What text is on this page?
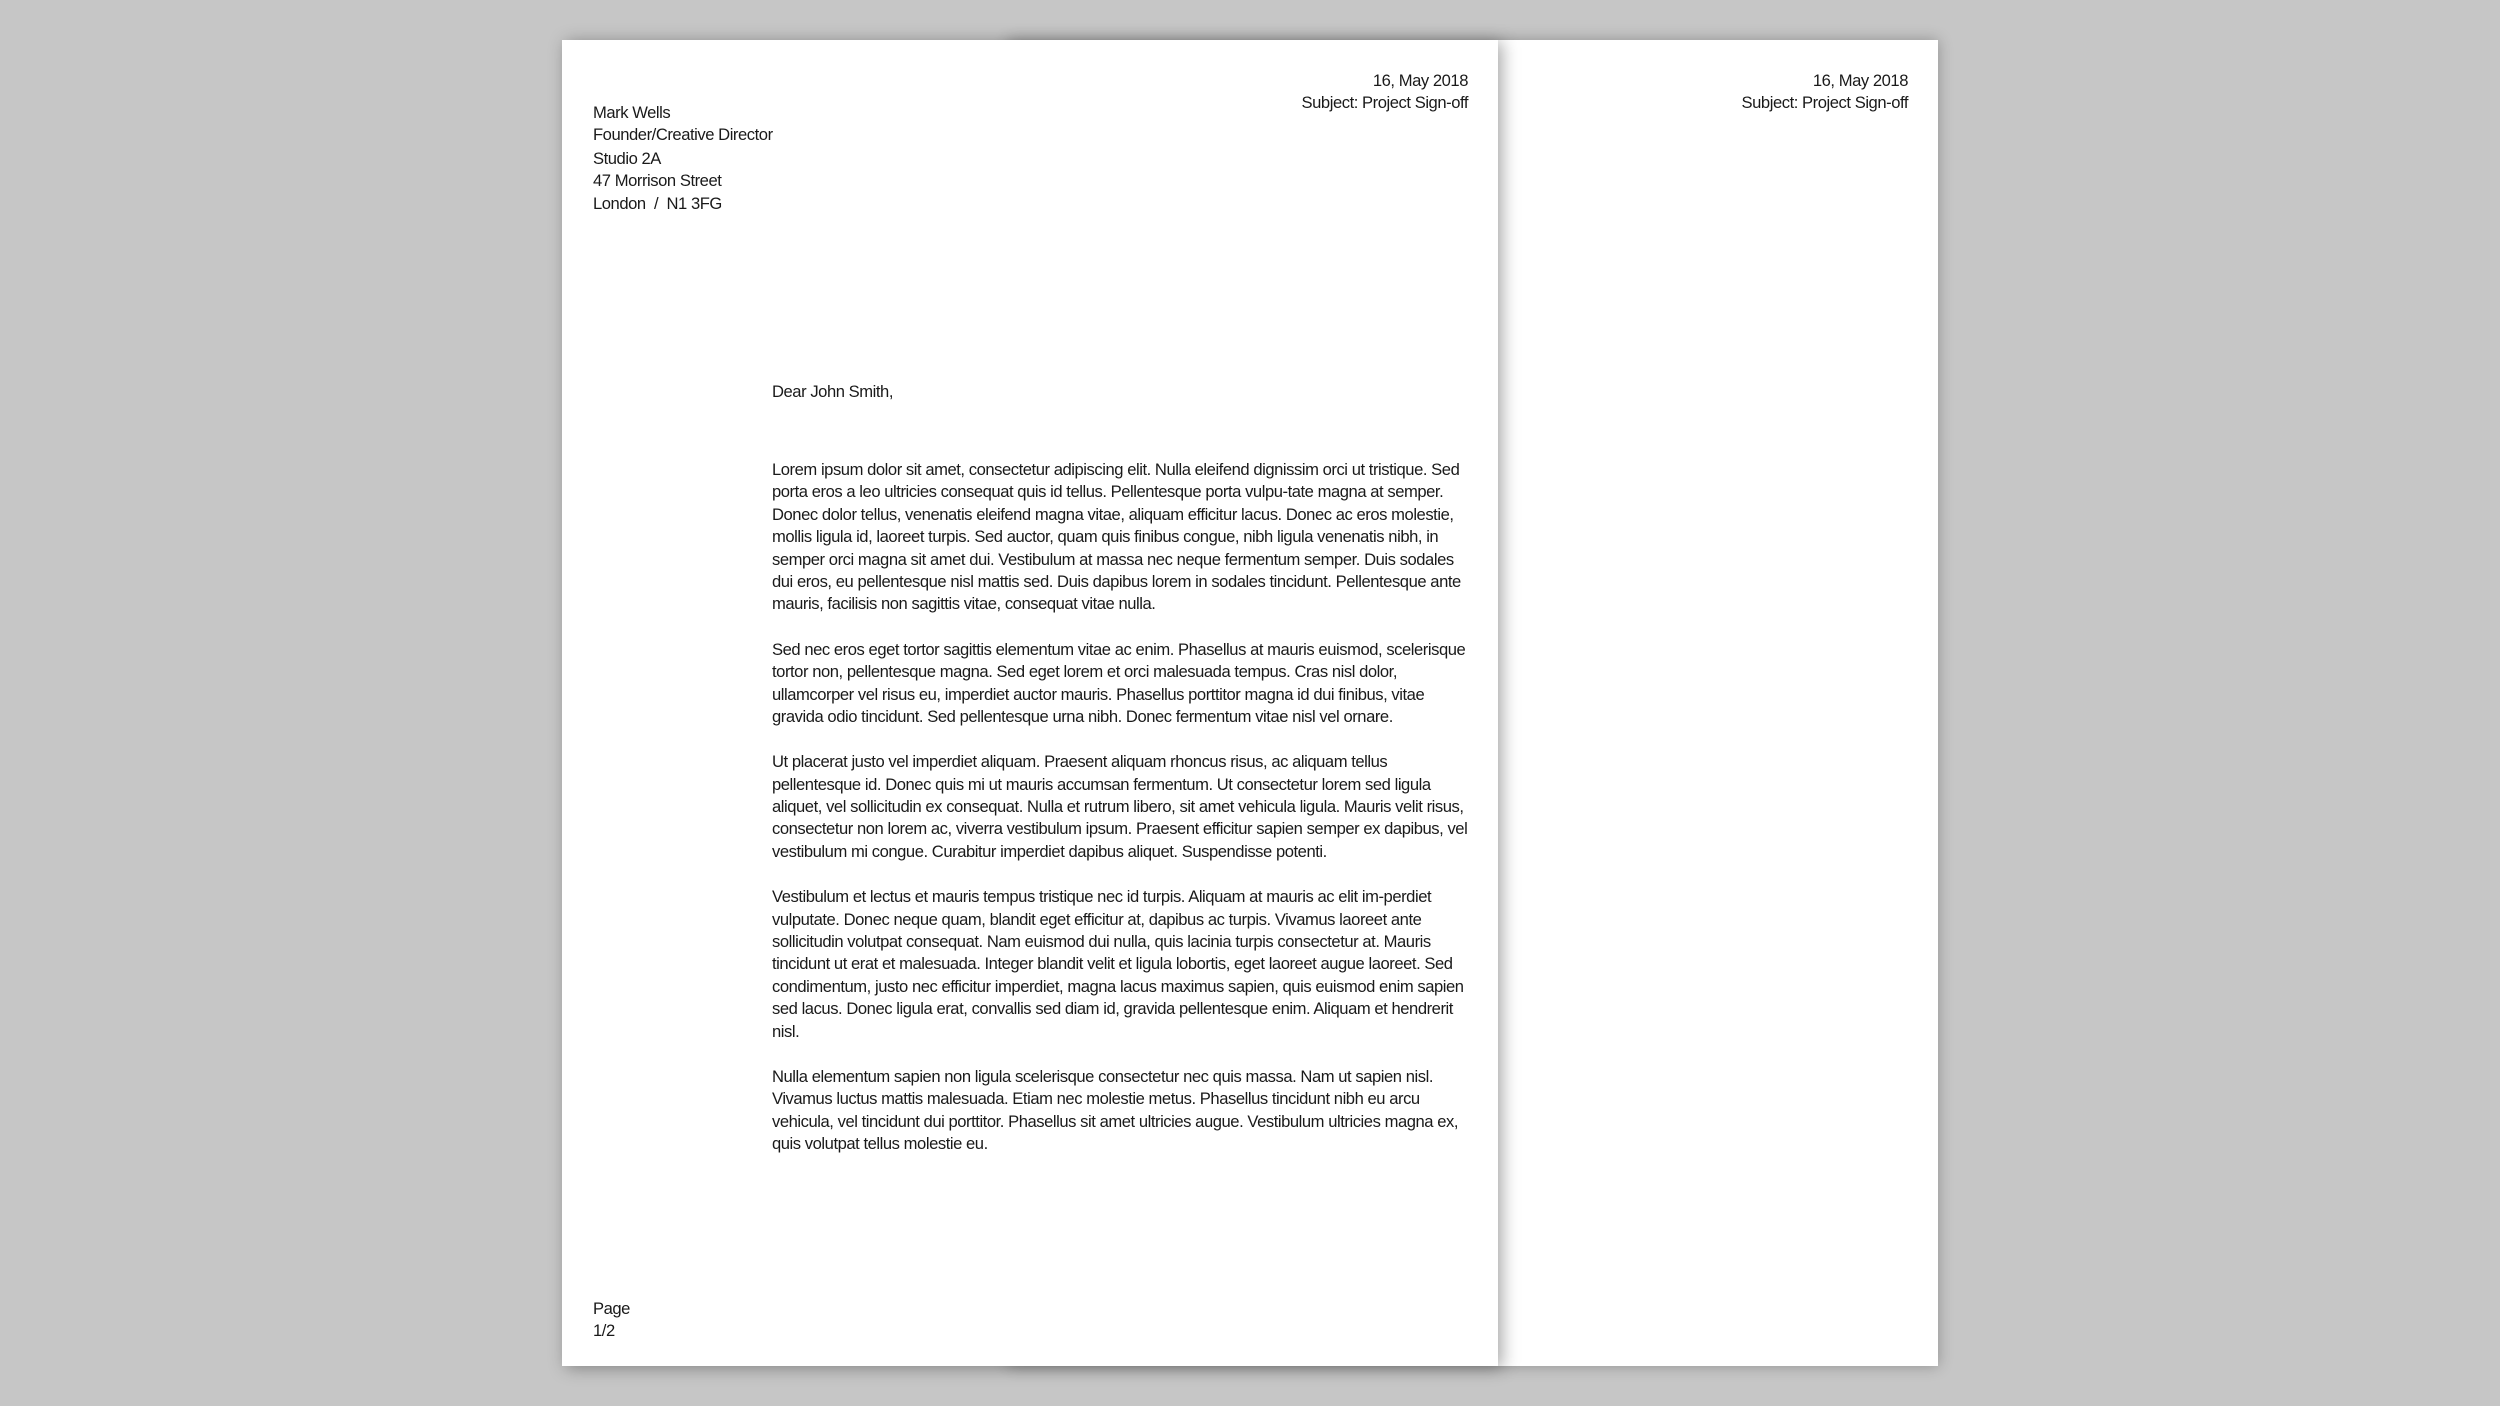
16, May 2018
Subject: Project Sign-off

16, May 2018
Subject: Project Sign-off
Mark Wells
Founder/Creative Director
Studio 2A
47 Morrison Street
London  /  N1 3FG
Dear John Smith,

Lorem ipsum dolor sit amet, consectetur adipiscing elit. Nulla eleifend dignissim orci ut tristique. Sed porta eros a leo ultricies consequat quis id tellus. Pellentesque porta vulpu-tate magna at semper. Donec dolor tellus, venenatis eleifend magna vitae, aliquam efficitur lacus. Donec ac eros molestie, mollis ligula id, laoreet turpis. Sed auctor, quam quis finibus congue, nibh ligula venenatis nibh, in semper orci magna sit amet dui. Vestibulum at massa nec neque fermentum semper. Duis sodales dui eros, eu pellentesque nisl mattis sed. Duis dapibus lorem in sodales tincidunt. Pellentesque ante mauris, facilisis non sagittis vitae, consequat vitae nulla.

Sed nec eros eget tortor sagittis elementum vitae ac enim. Phasellus at mauris euismod, scelerisque tortor non, pellentesque magna. Sed eget lorem et orci malesuada tempus. Cras nisl dolor, ullamcorper vel risus eu, imperdiet auctor mauris. Phasellus porttitor magna id dui finibus, vitae gravida odio tincidunt. Sed pellentesque urna nibh. Donec fermentum vitae nisl vel ornare.

Ut placerat justo vel imperdiet aliquam. Praesent aliquam rhoncus risus, ac aliquam tellus pellentesque id. Donec quis mi ut mauris accumsan fermentum. Ut consectetur lorem sed ligula aliquet, vel sollicitudin ex consequat. Nulla et rutrum libero, sit amet vehicula ligula. Mauris velit risus, consectetur non lorem ac, viverra vestibulum ipsum. Praesent efficitur sapien semper ex dapibus, vel vestibulum mi congue. Curabitur imperdiet dapibus aliquet. Suspendisse potenti.

Vestibulum et lectus et mauris tempus tristique nec id turpis. Aliquam at mauris ac elit im-perdiet vulputate. Donec neque quam, blandit eget efficitur at, dapibus ac turpis. Vivamus laoreet ante sollicitudin volutpat consequat. Nam euismod dui nulla, quis lacinia turpis consectetur at. Mauris tincidunt ut erat et malesuada. Integer blandit velit et ligula lobortis, eget laoreet augue laoreet. Sed condimentum, justo nec efficitur imperdiet, magna lacus maximus sapien, quis euismod enim sapien sed lacus. Donec ligula erat, convallis sed diam id, gravida pellentesque enim. Aliquam et hendrerit nisl.

Nulla elementum sapien non ligula scelerisque consectetur nec quis massa. Nam ut sapien nisl. Vivamus luctus mattis malesuada. Etiam nec molestie metus. Phasellus tincidunt nibh eu arcu vehicula, vel tincidunt dui porttitor. Phasellus sit amet ultricies augue. Vestibulum ultricies magna ex, quis volutpat tellus molestie eu.

Page
1/2
